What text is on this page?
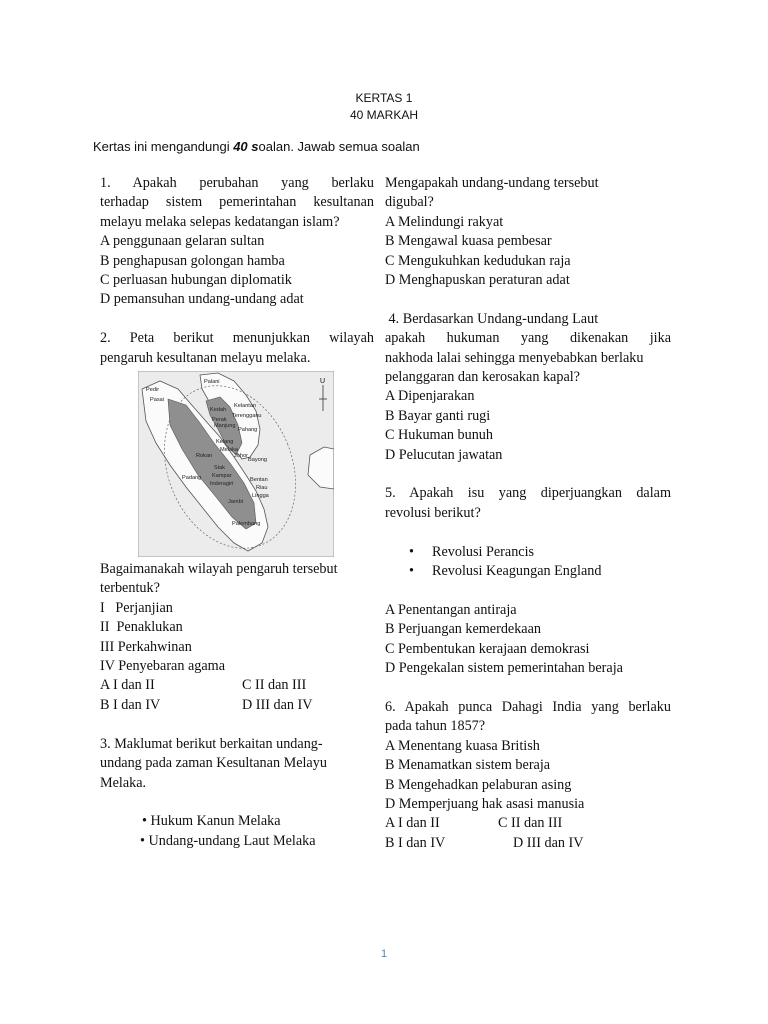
KERTAS 1
40 MARKAH
Kertas ini mengandungi 40 soalan. Jawab semua soalan
1. Apakah perubahan yang berlaku
terhadap sistem pemerintahan kesultanan
melayu melaka selepas kedatangan islam?
A penggunaan gelaran sultan
B penghapusan golongan hamba
C perluasan hubungan diplomatik
D pemansuhan undang-undang adat
2. Peta berikut menunjukkan wilayah
pengaruh kesultanan melayu melaka.
U
Pedir
Palani
Pasai
Kelantan
Kedah
Perak
Terengganu
Manjung
Pahang
Kelang
Melaka
Johor
Rokan
Siak
Kampar
Inderagiri
Bayong
Bentan
Riau
Lingga
Padang
Jambi
Palembang
Bagaimanakah wilayah pengaruh tersebut
terbentuk?
I   Perjanjian
II  Penaklukan
III Perkahwinan
IV Penyebaran agama
A I dan II	C II dan III
B I dan IV	D III dan IV
3. Maklumat berikut berkaitan undang-
undang pada zaman Kesultanan Melayu
Melaka.
• Hukum Kanun Melaka
• Undang-undang Laut Melaka
Mengapakah undang-undang tersebut
digubal?
A Melindungi rakyat
B Mengawal kuasa pembesar
C Mengukuhkan kedudukan raja
D Menghapuskan peraturan adat
4. Berdasarkan Undang-undang Laut
apakah hukuman yang dikenakan jika
nakhoda lalai sehingga menyebabkan berlaku
pelanggaran dan kerosakan kapal?
A Dipenjarakan
B Bayar ganti rugi
C Hukuman bunuh
D Pelucutan jawatan
5. Apakah isu yang diperjuangkan dalam
revolusi berikut?
• Revolusi Perancis
• Revolusi Keagungan England
A Penentangan antiraja
B Perjuangan kemerdekaan
C Pembentukan kerajaan demokrasi
D Pengekalan sistem pemerintahan beraja
6. Apakah punca Dahagi India yang berlaku
pada tahun 1857?
A Menentang kuasa British
B Menamatkan sistem beraja
B Mengehadkan pelaburan asing
D Memperjuang hak asasi manusia
A I dan II	C II dan III
B I dan IV	D III dan IV
1
